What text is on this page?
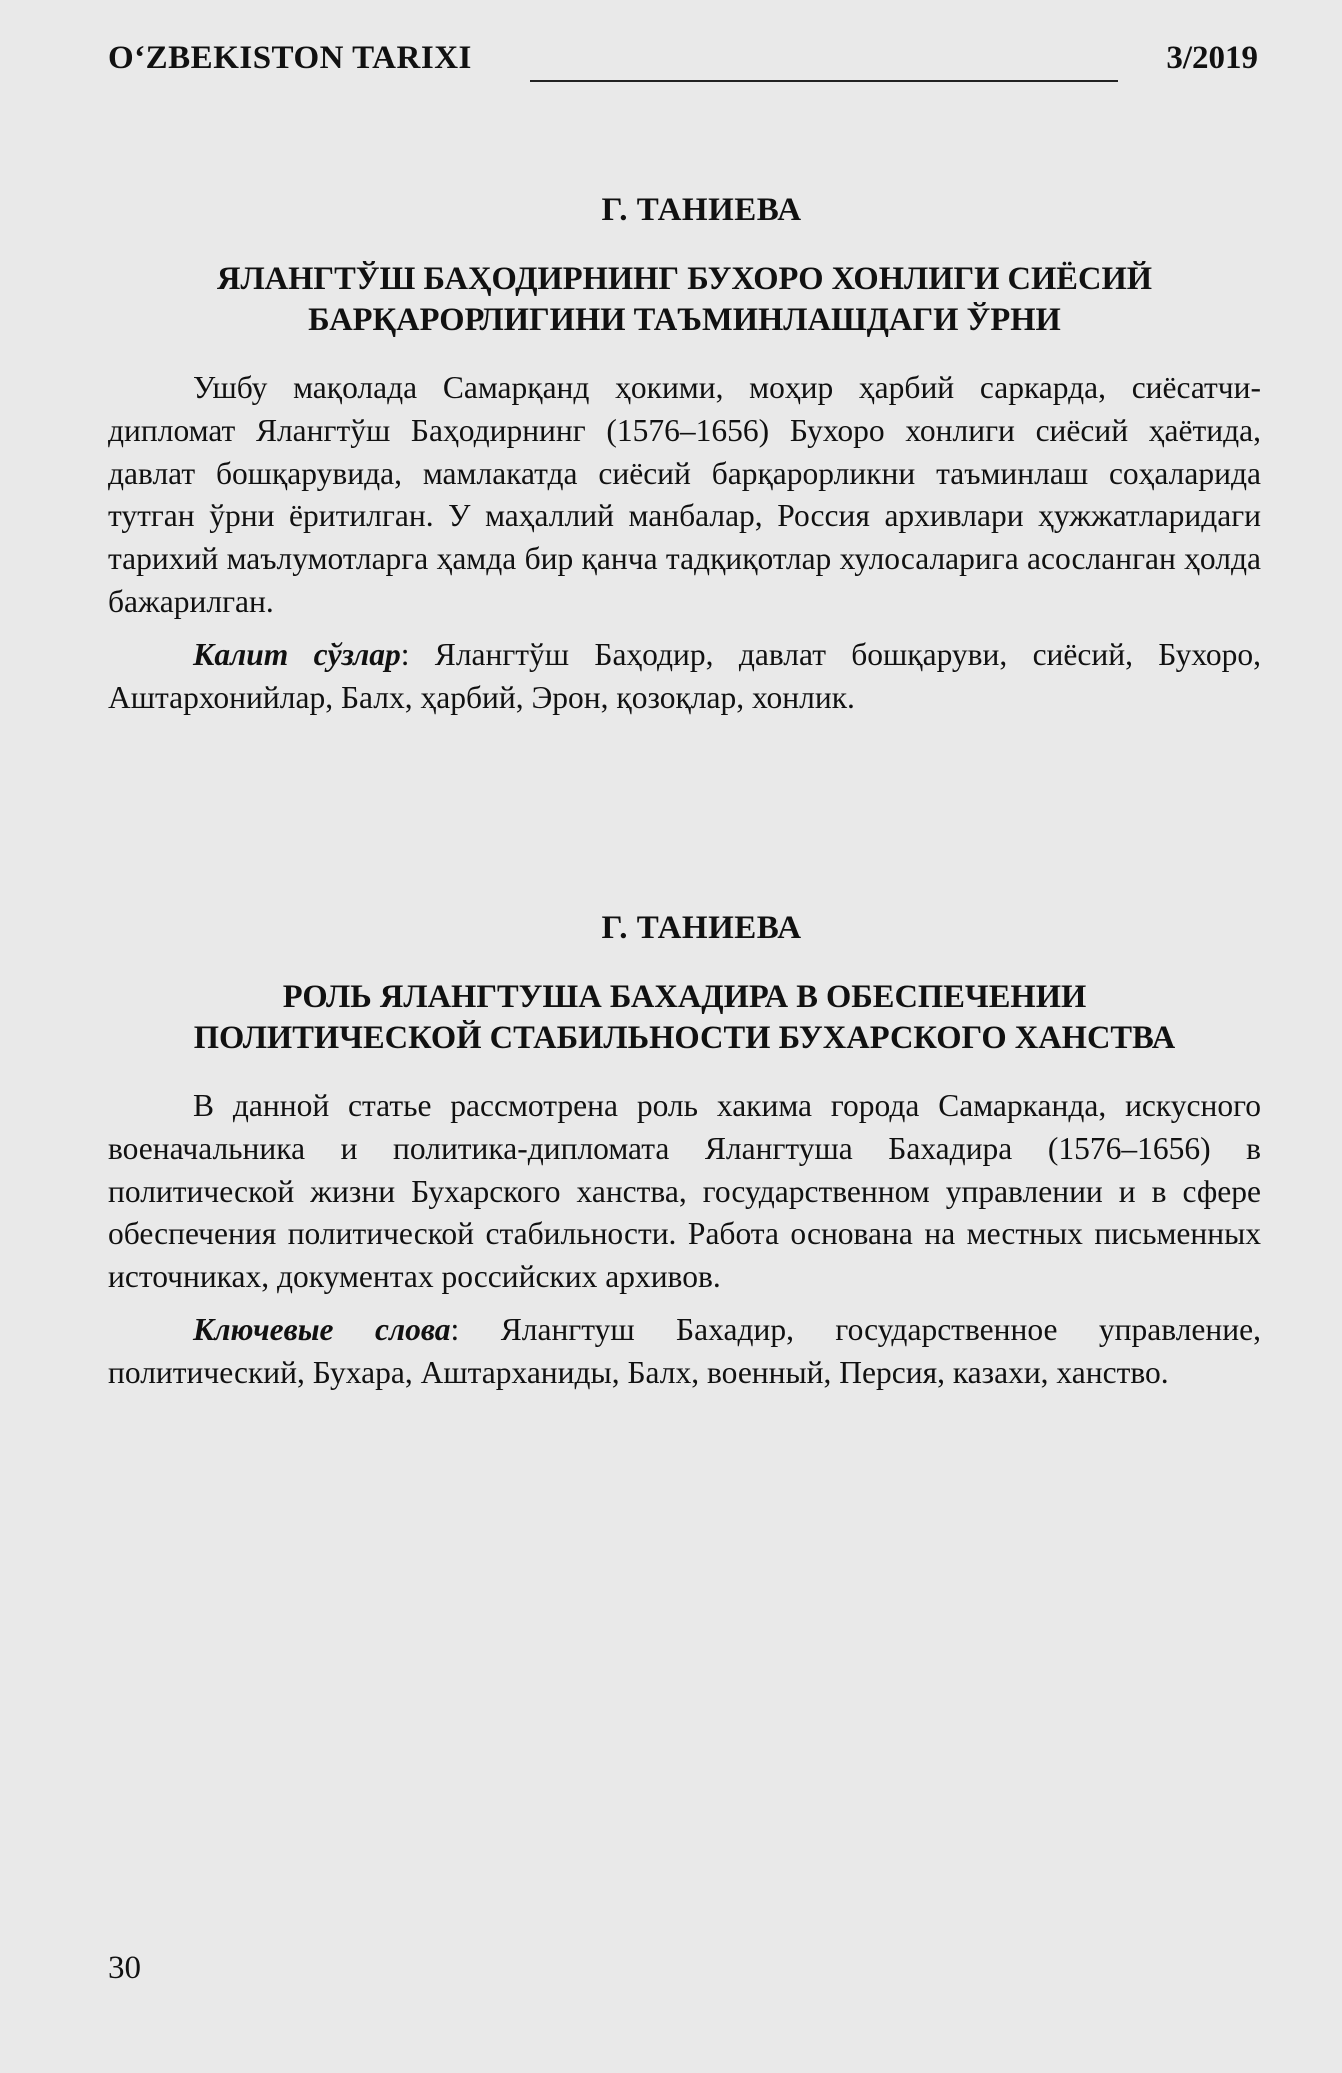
O‘ZBEKISTON TARIXI	3/2019

Г. ТАНИЕВА

ЯЛАНГТЎШ БАҲОДИРНИНГ БУХОРО ХОНЛИГИ СИЁСИЙ
БАРҚАРОРЛИГИНИ ТАЪМИНЛАШДАГИ ЎРНИ

Ушбу мақолада Самарқанд ҳокими, моҳир ҳарбий саркарда, сиёсатчи-дипломат Ялангтўш Баҳодирнинг (1576–1656) Бухоро хонлиги сиёсий ҳаётида, давлат бошқарувида, мамлакатда сиёсий барқарорликни таъминлаш соҳаларида тутган ўрни ёритилган. У маҳаллий манбалар, Россия архивлари ҳужжатларидаги тарихий маълумотларга ҳамда бир қанча тадқиқотлар хулосаларига асосланган ҳолда бажарилган.

Калит сўзлар: Ялангтўш Баҳодир, давлат бошқаруви, сиёсий, Бухоро, Аштархонийлар, Балх, ҳарбий, Эрон, қозоқлар, хонлик.

Г. ТАНИЕВА

РОЛЬ ЯЛАНГТУША БАХАДИРА В ОБЕСПЕЧЕНИИ
ПОЛИТИЧЕСКОЙ СТАБИЛЬНОСТИ БУХАРСКОГО ХАНСТВА

В данной статье рассмотрена роль хакима города Самарканда, искусного военачальника и политика-дипломата Ялангтуша Бахадира (1576–1656) в политической жизни Бухарского ханства, государственном управлении и в сфере обеспечения политической стабильности. Работа основана на местных письменных источниках, документах российских архивов.

Ключевые слова: Ялангтуш Бахадир, государственное управление, политический, Бухара, Аштарханиды, Балх, военный, Персия, казахи, ханство.

30
